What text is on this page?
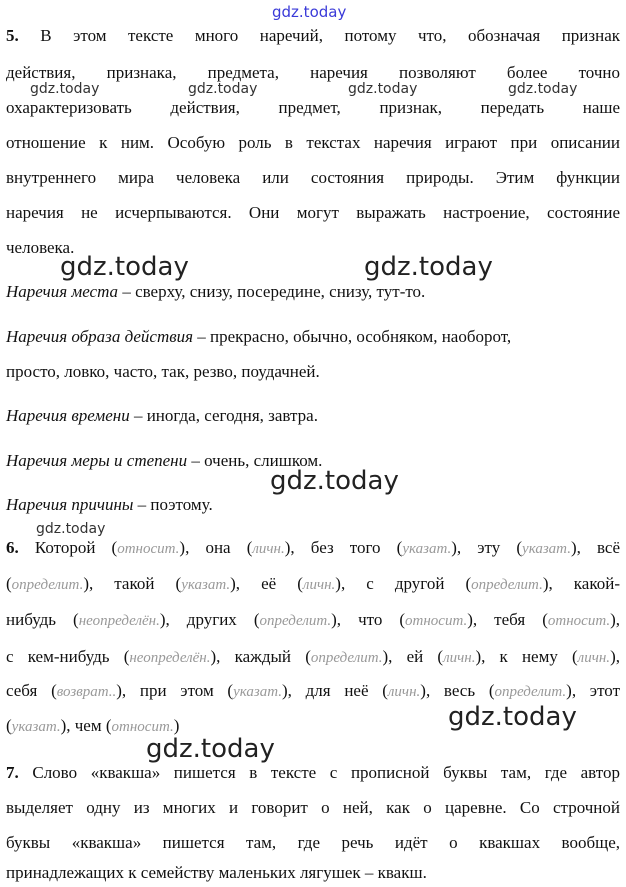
gdz.today
5. В этом тексте много наречий, потому что, обозначая признак
действия, признака, предмета, наречия позволяют более точно
gdz.today	gdz.today	gdz.today	gdz.today
охарактеризовать действия, предмет, признак, передать наше
отношение к ним. Особую роль в текстах наречия играют при описании
внутреннего мира человека или состояния природы. Этим функции
наречия не исчерпываются. Они могут выражать настроение, состояние
человека.
gdz.today	gdz.today
Наречия места – сверху, снизу, посередине, снизу, тут-то.
Наречия образа действия – прекрасно, обычно, особняком, наоборот,
просто, ловко, часто, так, резво, поудачней.
Наречия времени – иногда, сегодня, завтра.
Наречия меры и степени – очень, слишком.
gdz.today
Наречия причины – поэтому.
gdz.today
6. Которой (относит.), она (личн.), без того (указат.), эту (указат.), всё
(определит.), такой (указат.), её (личн.), с другой (определит.), какой-
нибудь (неопределён.), других (определит.), что (относит.), тебя (относит.),
с кем-нибудь (неопределён.), каждый (определит.), ей (личн.), к нему (личн.),
себя (возврат..), при этом (указат.), для неё (личн.), весь (определит.), этот
gdz.today
(указат.), чем (относит.)
gdz.today
7. Слово «квакша» пишется в тексте с прописной буквы там, где автор
выделяет одну из многих и говорит о ней, как о царевне. Со строчной
буквы «квакша» пишется там, где речь идёт о квакшах вообще,
принадлежащих к семейству маленьких лягушек – квакш.
